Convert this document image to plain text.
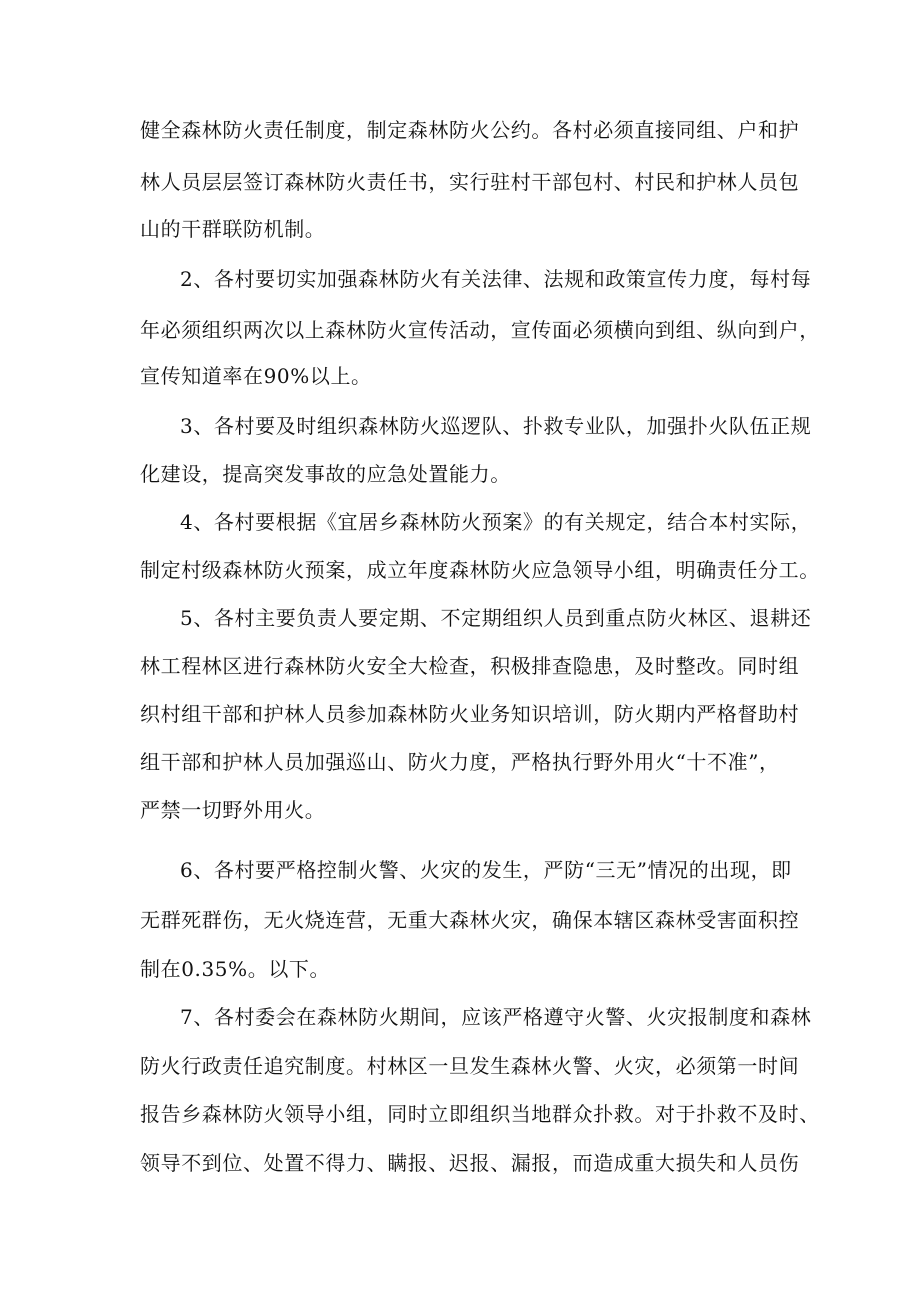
健全森林防火责任制度，制定森林防火公约。各村必须直接同组、户和护
林人员层层签订森林防火责任书，实行驻村干部包村、村民和护林人员包
山的干群联防机制。
2、各村要切实加强森林防火有关法律、法规和政策宣传力度，每村每
年必须组织两次以上森林防火宣传活动，宣传面必须横向到组、纵向到户，
宣传知道率在90%以上。
3、各村要及时组织森林防火巡逻队、扑救专业队，加强扑火队伍正规
化建设，提高突发事故的应急处置能力。
4、各村要根据《宜居乡森林防火预案》的有关规定，结合本村实际，
制定村级森林防火预案，成立年度森林防火应急领导小组，明确责任分工。
5、各村主要负责人要定期、不定期组织人员到重点防火林区、退耕还
林工程林区进行森林防火安全大检查，积极排查隐患，及时整改。同时组
织村组干部和护林人员参加森林防火业务知识培训，防火期内严格督助村
组干部和护林人员加强巡山、防火力度，严格执行野外用火“十不准”，
严禁一切野外用火。
6、各村要严格控制火警、火灾的发生，严防“三无”情况的出现，即
无群死群伤，无火烧连营，无重大森林火灾，确保本辖区森林受害面积控
制在0.35%。以下。
7、各村委会在森林防火期间，应该严格遵守火警、火灾报制度和森林
防火行政责任追究制度。村林区一旦发生森林火警、火灾，必须第一时间
报告乡森林防火领导小组，同时立即组织当地群众扑救。对于扑救不及时、
领导不到位、处置不得力、瞒报、迟报、漏报，而造成重大损失和人员伤
